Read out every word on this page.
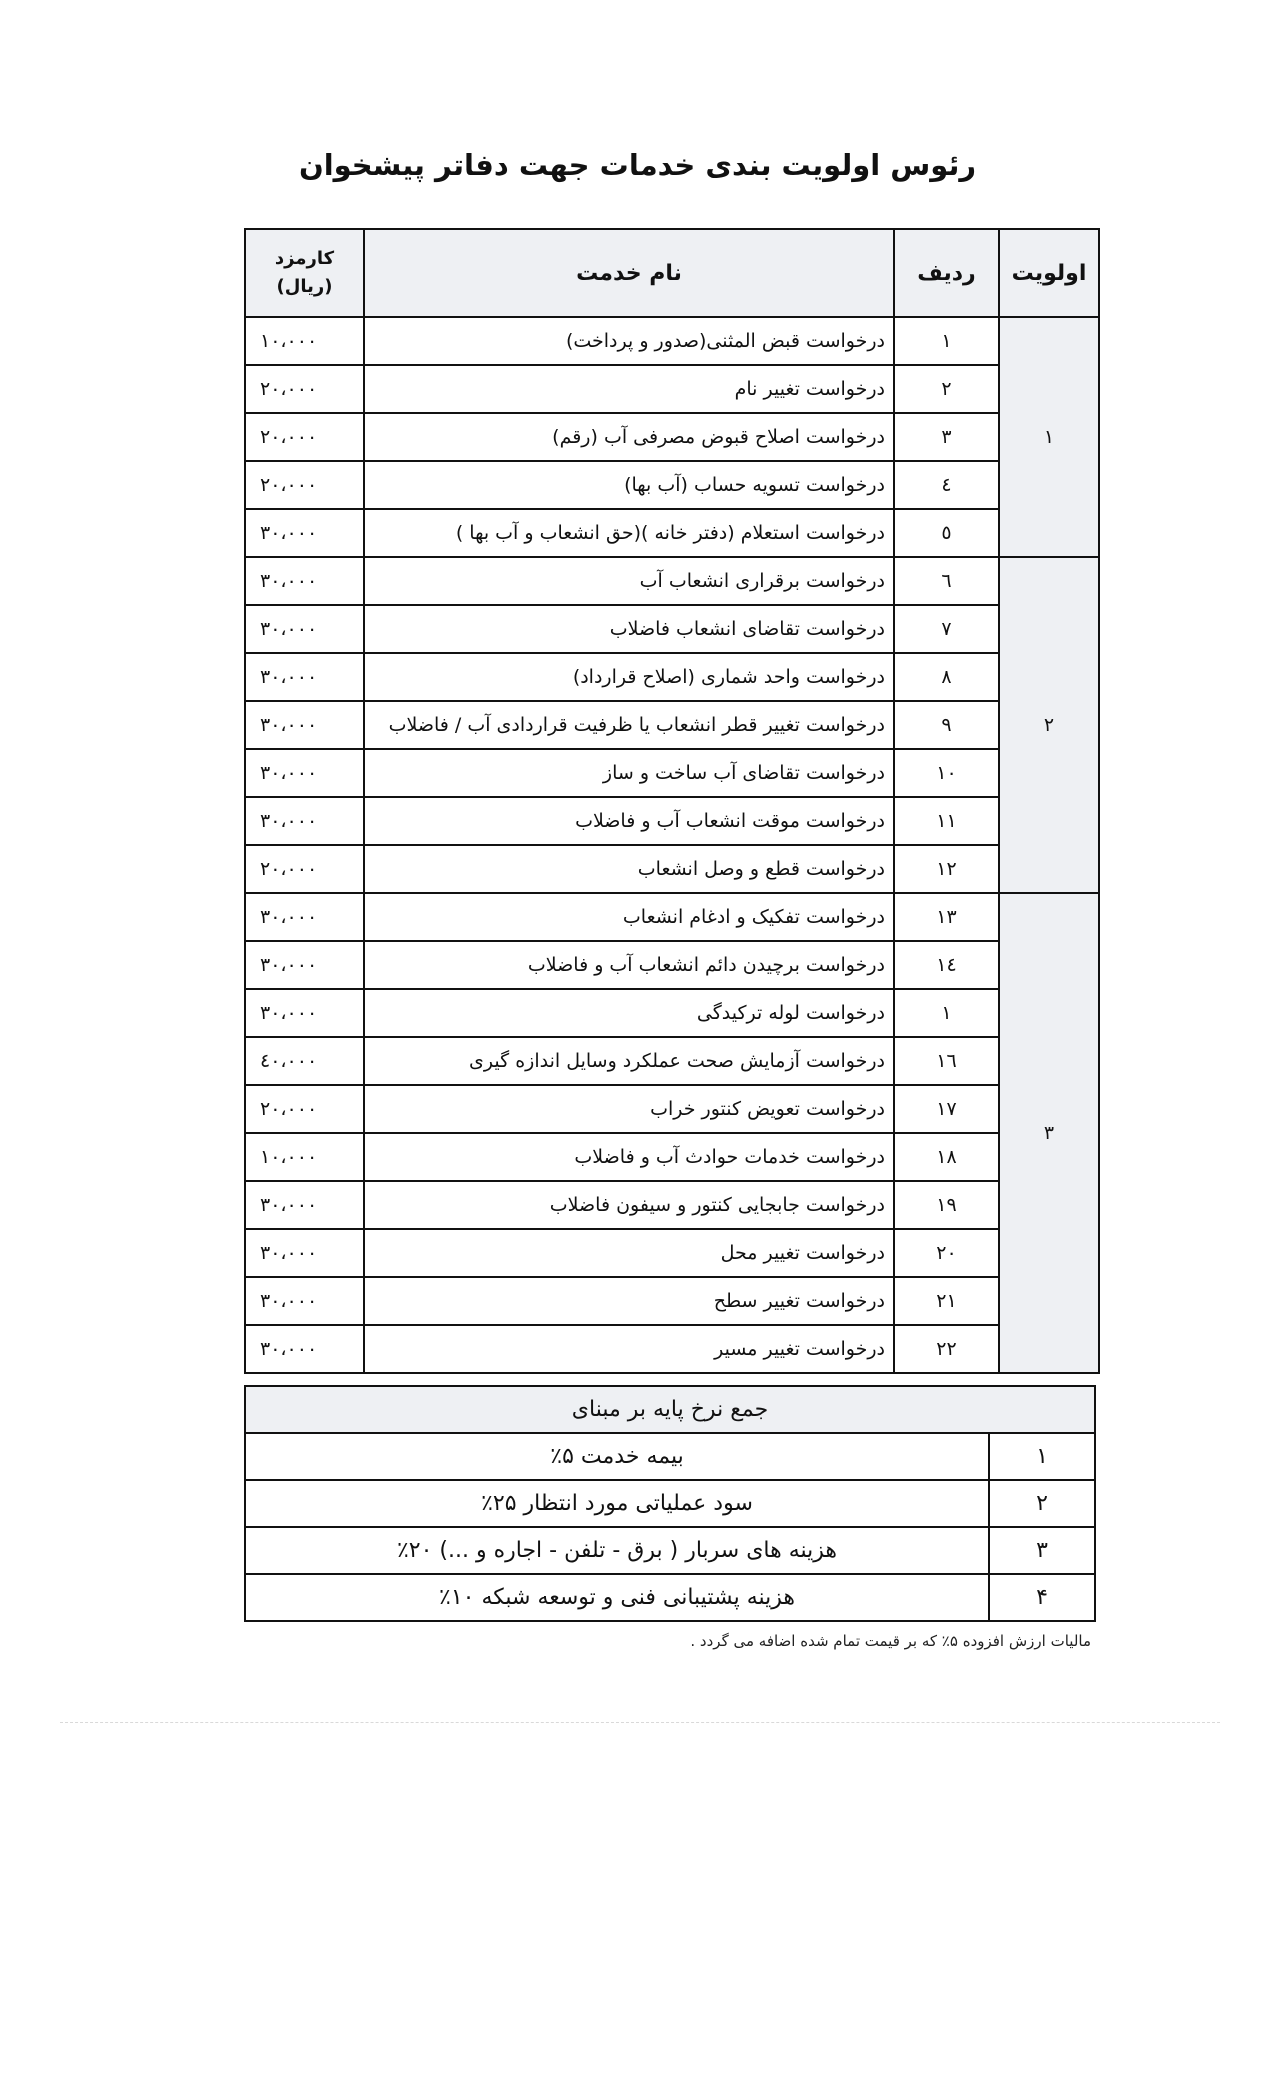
رئوس اولویت بندی خدمات جهت دفاتر پیشخوان
اولویت	ردیف	نام خدمت	کارمزد (ریال)
۱	۱	درخواست قبض المثنی(صدور و پرداخت)	۱۰،۰۰۰
	۲	درخواست تغییر نام	۲۰،۰۰۰
	۳	درخواست اصلاح قبوض مصرفی آب (رقم)	۲۰،۰۰۰
	٤	درخواست تسویه حساب (آب بها)	۲۰،۰۰۰
	٥	درخواست استعلام (دفتر خانه )(حق انشعاب و آب بها )	۳۰،۰۰۰
۲	٦	درخواست برقراری انشعاب آب	۳۰،۰۰۰
	۷	درخواست تقاضای انشعاب فاضلاب	۳۰،۰۰۰
	۸	درخواست واحد شماری (اصلاح قرارداد)	۳۰،۰۰۰
	۹	درخواست تغییر قطر انشعاب یا ظرفیت قراردادی آب / فاضلاب	۳۰،۰۰۰
	۱۰	درخواست تقاضای آب ساخت و ساز	۳۰،۰۰۰
	۱۱	درخواست موقت انشعاب آب و فاضلاب	۳۰،۰۰۰
	۱۲	درخواست قطع و وصل انشعاب	۲۰،۰۰۰
۳	۱۳	درخواست تفکیک و ادغام انشعاب	۳۰،۰۰۰
	۱٤	درخواست برچیدن دائم انشعاب آب و فاضلاب	۳۰،۰۰۰
	۱	درخواست لوله ترکیدگی	۳۰،۰۰۰
	۱٦	درخواست آزمایش صحت عملکرد وسایل اندازه گیری	٤۰،۰۰۰
	۱۷	درخواست تعویض کنتور خراب	۲۰،۰۰۰
	۱۸	درخواست خدمات حوادث آب و فاضلاب	۱۰،۰۰۰
	۱۹	درخواست جابجایی کنتور و سیفون فاضلاب	۳۰،۰۰۰
	۲۰	درخواست تغییر محل	۳۰،۰۰۰
	۲۱	درخواست تغییر سطح	۳۰،۰۰۰
	۲۲	درخواست تغییر مسیر	۳۰،۰۰۰
جمع نرخ پایه بر مبنای	
۱	بیمه خدمت ۵٪
۲	سود عملیاتی مورد انتظار ۲۵٪
۳	هزینه های سربار ( برق - تلفن - اجاره و ...) ۲۰٪
۴	هزینه پشتیبانی فنی و توسعه شبکه ۱۰٪
مالیات ارزش افزوده ۵٪ که بر قیمت تمام شده اضافه می گردد .
